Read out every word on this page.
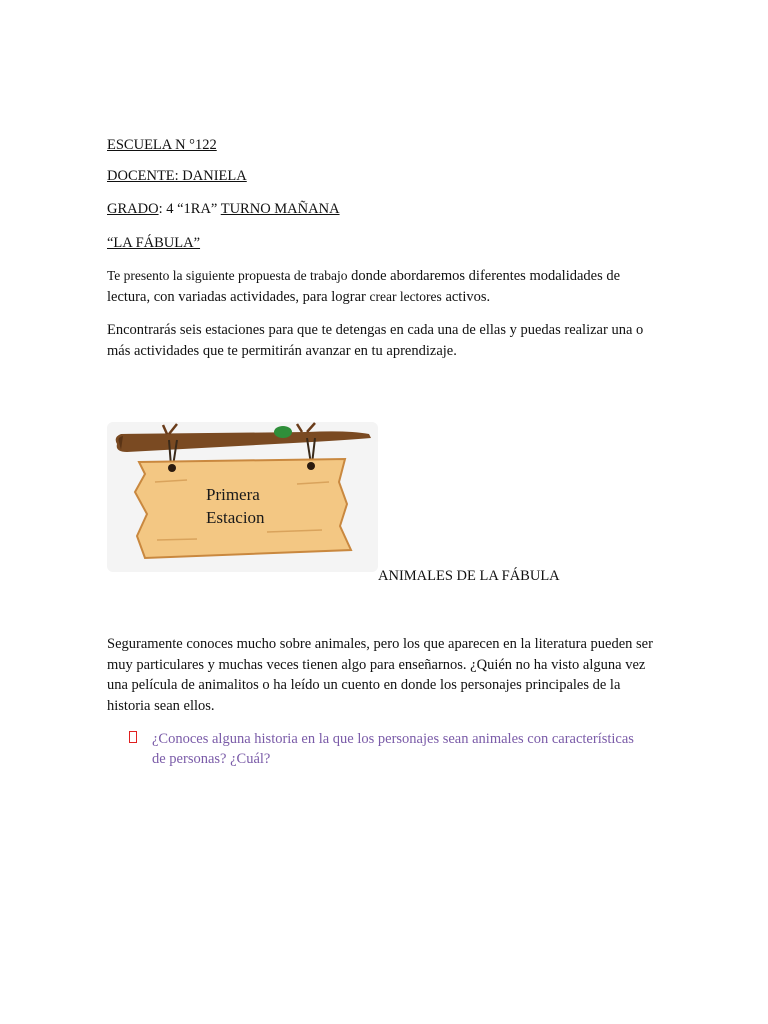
ESCUELA N °122
DOCENTE: DANIELA
GRADO: 4 “1RA” TURNO MAÑANA
“LA FÁBULA”
Te presento la siguiente propuesta de trabajo donde abordaremos diferentes modalidades de lectura, con variadas actividades, para lograr crear lectores activos.
Encontrarás seis estaciones para que te detengas en cada una de ellas y puedas realizar una o más actividades que te permitirán avanzar en tu aprendizaje.
Primera
Estacion
ANIMALES DE LA FÁBULA
Seguramente conoces mucho sobre animales, pero los que aparecen en la literatura pueden ser muy particulares y muchas veces tienen algo para enseñarnos. ¿Quién no ha visto alguna vez una película de animalitos o ha leído un cuento en donde los personajes principales de la historia sean ellos.
¿Conoces alguna historia en la que los personajes sean animales con características de personas? ¿Cuál?
